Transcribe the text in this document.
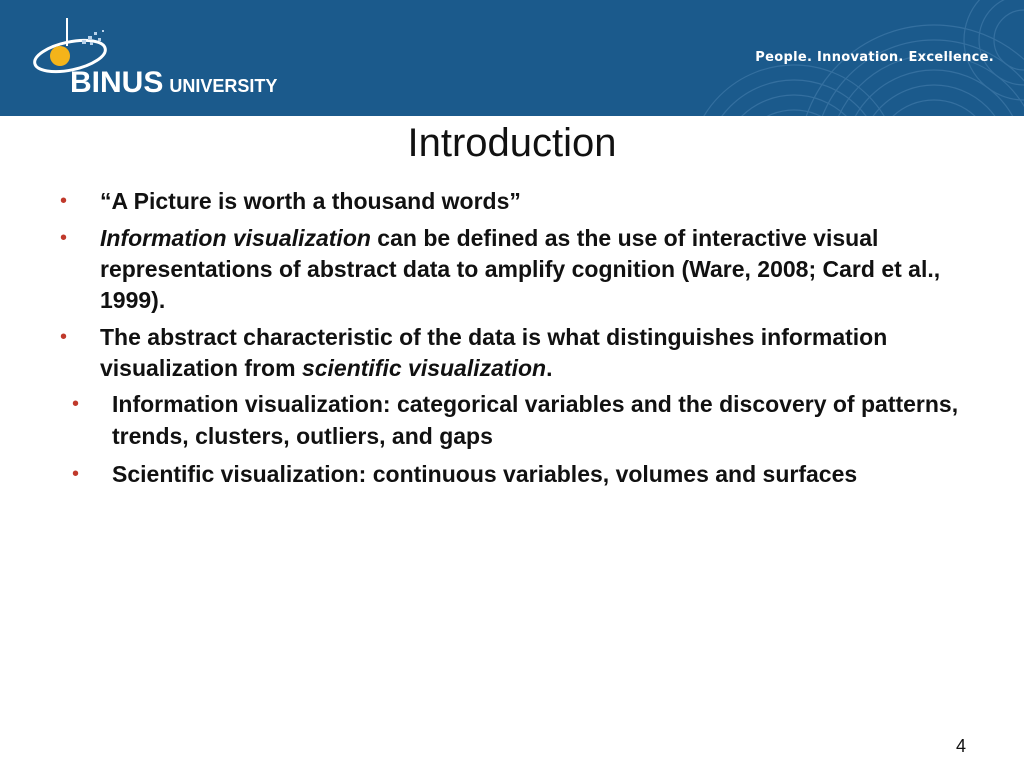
BINUS UNIVERSITY
People. Innovation. Excellence.
Introduction
• “A Picture is worth a thousand words”
• Information visualization can be defined as the use of interactive visual representations of abstract data to amplify cognition (Ware, 2008; Card et al., 1999).
• The abstract characteristic of the data is what distinguishes information visualization from scientific visualization.
• Information visualization: categorical variables and the discovery of patterns, trends, clusters, outliers, and gaps
• Scientific visualization: continuous variables, volumes and surfaces
4
